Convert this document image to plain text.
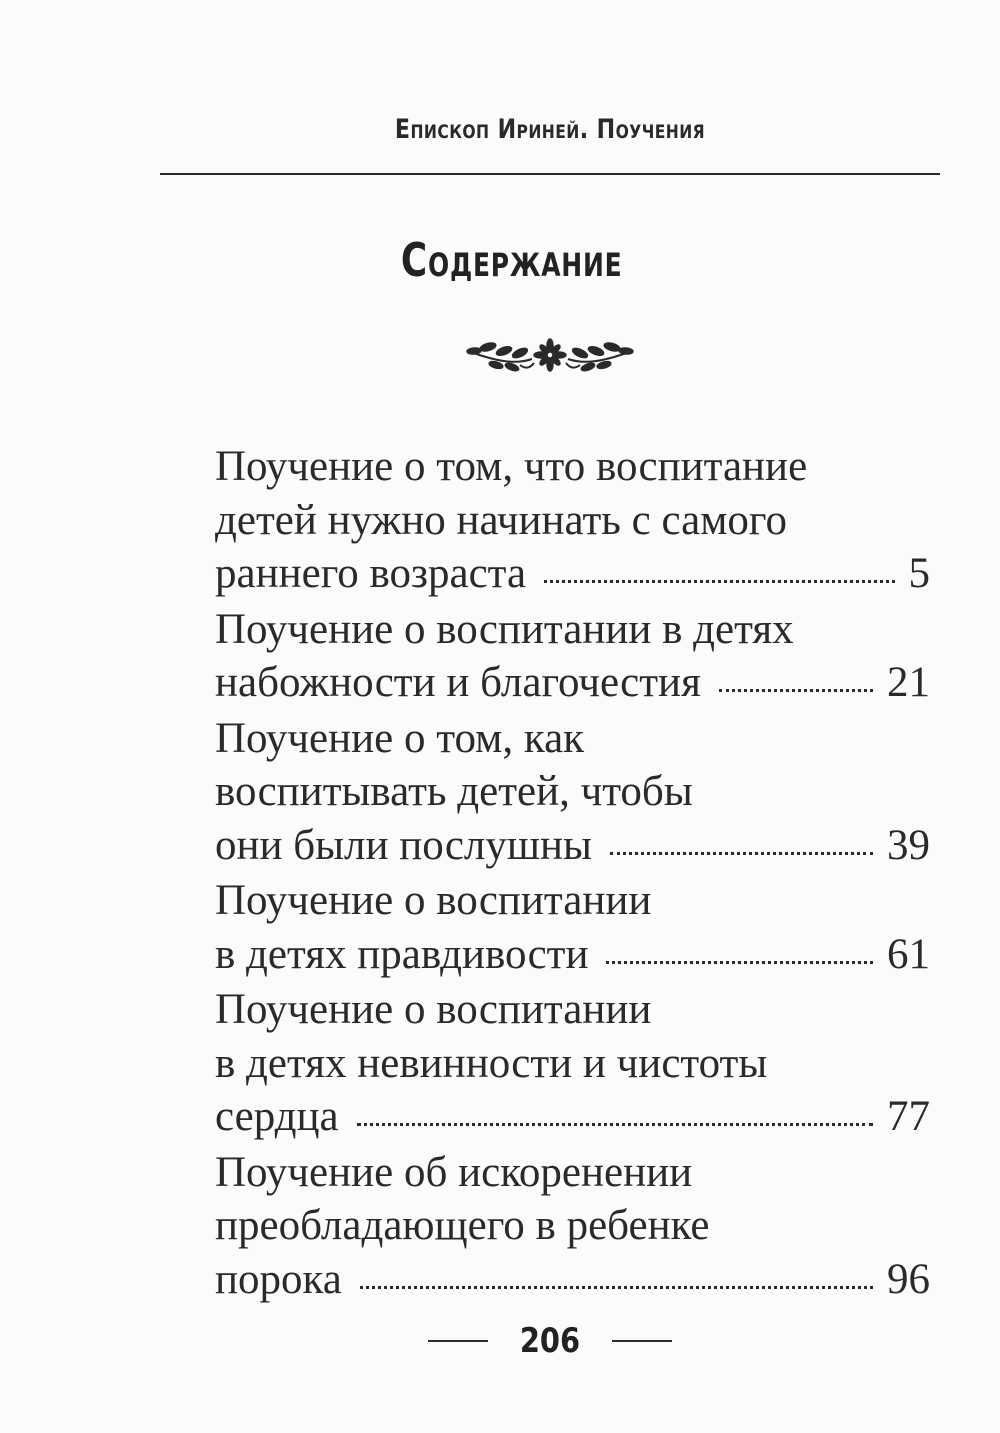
Епископ Ириней. Поучения
Содержание
Поучение о том, что воспитание
детей нужно начинать с самого
раннего возраста	5
Поучение о воспитании в детях
набожности и благочестия	21
Поучение о том, как
воспитывать детей, чтобы
они были послушны	39
Поучение о воспитании
в детях правдивости	61
Поучение о воспитании
в детях невинности и чистоты
сердца	77
Поучение об искоренении
преобладающего в ребенке
порока	96
206
